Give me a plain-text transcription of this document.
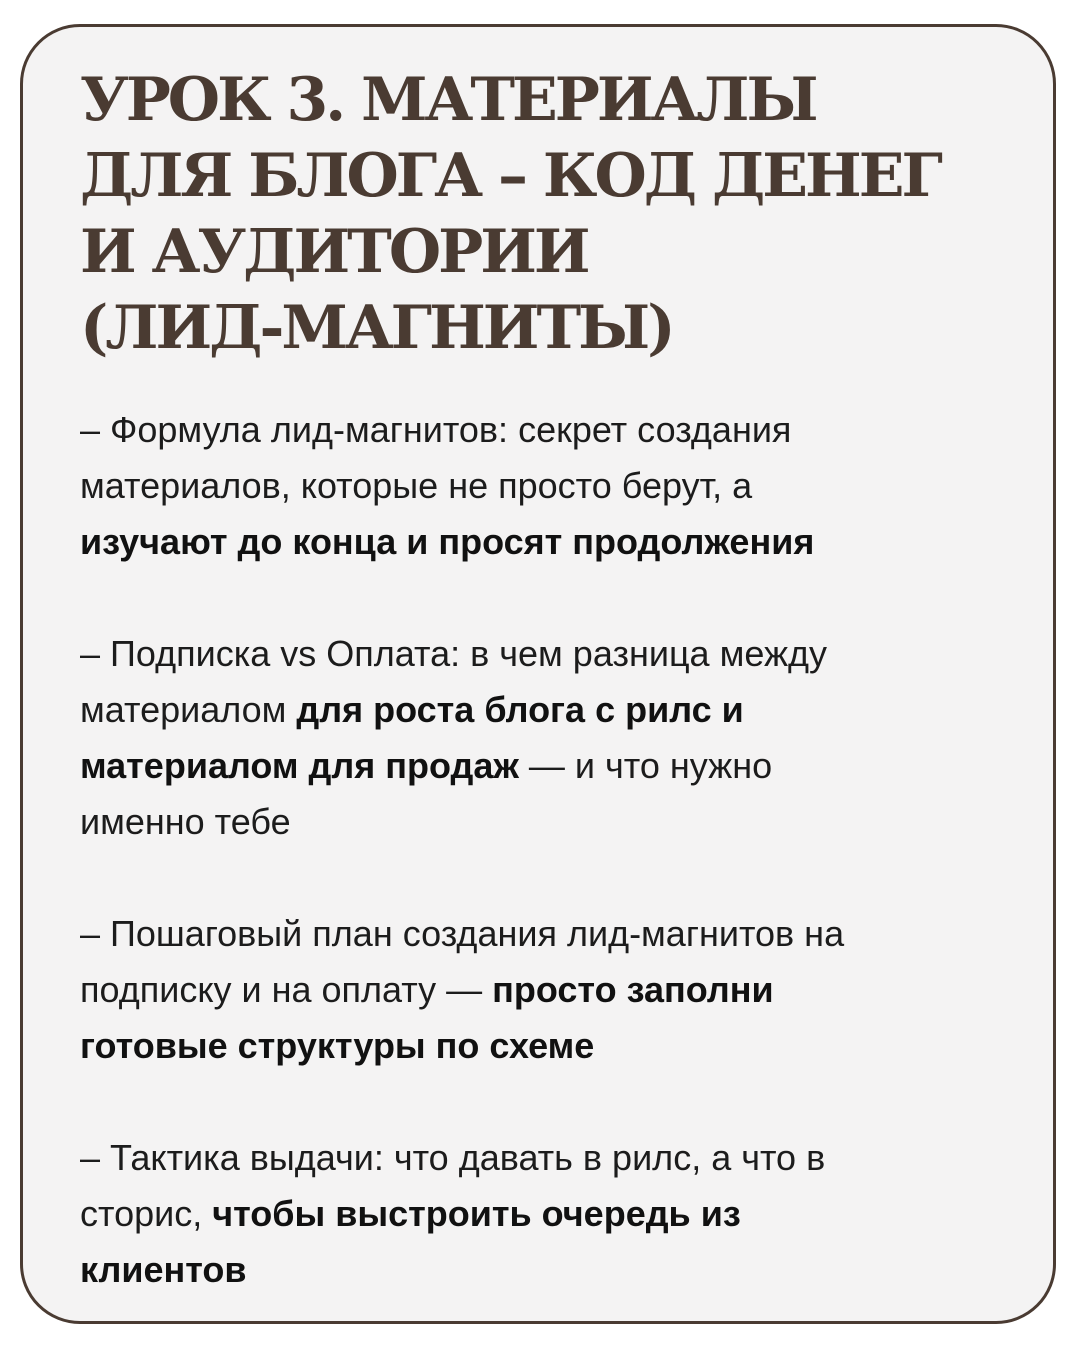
УРОК 3. МАТЕРИАЛЫ
ДЛЯ БЛОГА – КОД ДЕНЕГ
И АУДИТОРИИ
(ЛИД-МАГНИТЫ)

– Формула лид-магнитов: секрет создания
материалов, которые не просто берут, а
изучают до конца и просят продолжения

– Подписка vs Оплата: в чем разница между
материалом для роста блога с рилс и
материалом для продаж — и что нужно
именно тебе

– Пошаговый план создания лид-магнитов на
подписку и на оплату — просто заполни
готовые структуры по схеме

– Тактика выдачи: что давать в рилс, а что в
сторис, чтобы выстроить очередь из
клиентов
